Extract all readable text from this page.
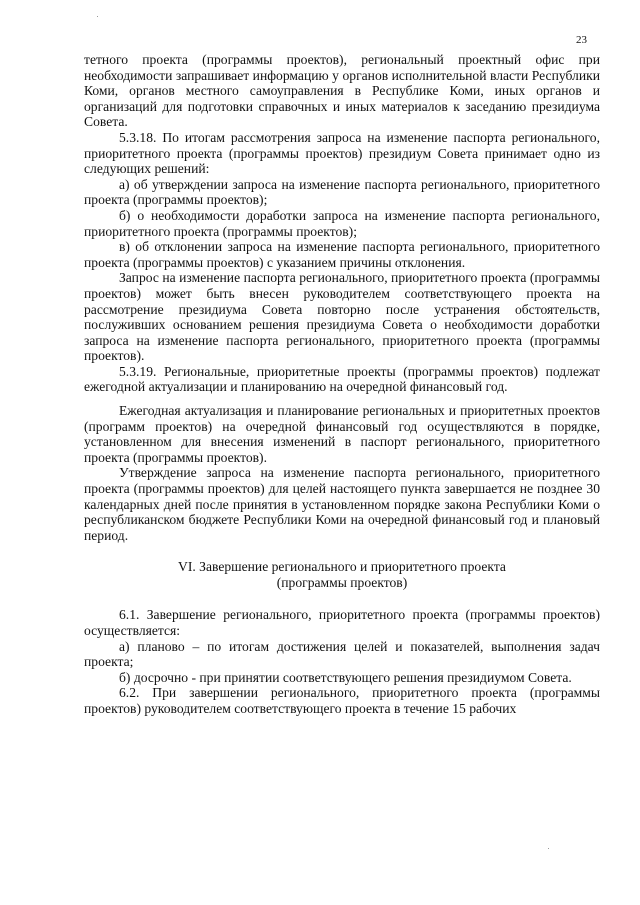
23

тетного проекта (программы проектов), региональный проектный офис при необходимости запрашивает информацию у органов исполнительной власти Республики Коми, органов местного самоуправления в Республике Коми, иных органов и организаций для подготовки справочных и иных материалов к заседанию президиума Совета.

5.3.18. По итогам рассмотрения запроса на изменение паспорта регионального, приоритетного проекта (программы проектов) президиум Совета принимает одно из следующих решений:

а) об утверждении запроса на изменение паспорта регионального, приоритетного проекта (программы проектов);

б) о необходимости доработки запроса на изменение паспорта регионального, приоритетного проекта (программы проектов);

в) об отклонении запроса на изменение паспорта регионального, приоритетного проекта (программы проектов) с указанием причины отклонения.

Запрос на изменение паспорта регионального, приоритетного проекта (программы проектов) может быть внесен руководителем соответствующего проекта на рассмотрение президиума Совета повторно после устранения обстоятельств, послуживших основанием решения президиума Совета о необходимости доработки запроса на изменение паспорта регионального, приоритетного проекта (программы проектов).

5.3.19. Региональные, приоритетные проекты (программы проектов) подлежат ежегодной актуализации и планированию на очередной финансовый год.

Ежегодная актуализация и планирование региональных и приоритетных проектов (программ проектов) на очередной финансовый год осуществляются в порядке, установленном для внесения изменений в паспорт регионального, приоритетного проекта (программы проектов).

Утверждение запроса на изменение паспорта регионального, приоритетного проекта (программы проектов) для целей настоящего пункта завершается не позднее 30 календарных дней после принятия в установленном порядке закона Республики Коми о республиканском бюджете Республики Коми на очередной финансовый год и плановый период.

VI. Завершение регионального и приоритетного проекта

(программы проектов)

6.1. Завершение регионального, приоритетного проекта (программы проектов) осуществляется:

а) планово – по итогам достижения целей и показателей, выполнения задач проекта;

б) досрочно - при принятии соответствующего решения президиумом Совета.

6.2. При завершении регионального, приоритетного проекта (программы проектов) руководителем соответствующего проекта в течение 15 рабочих
